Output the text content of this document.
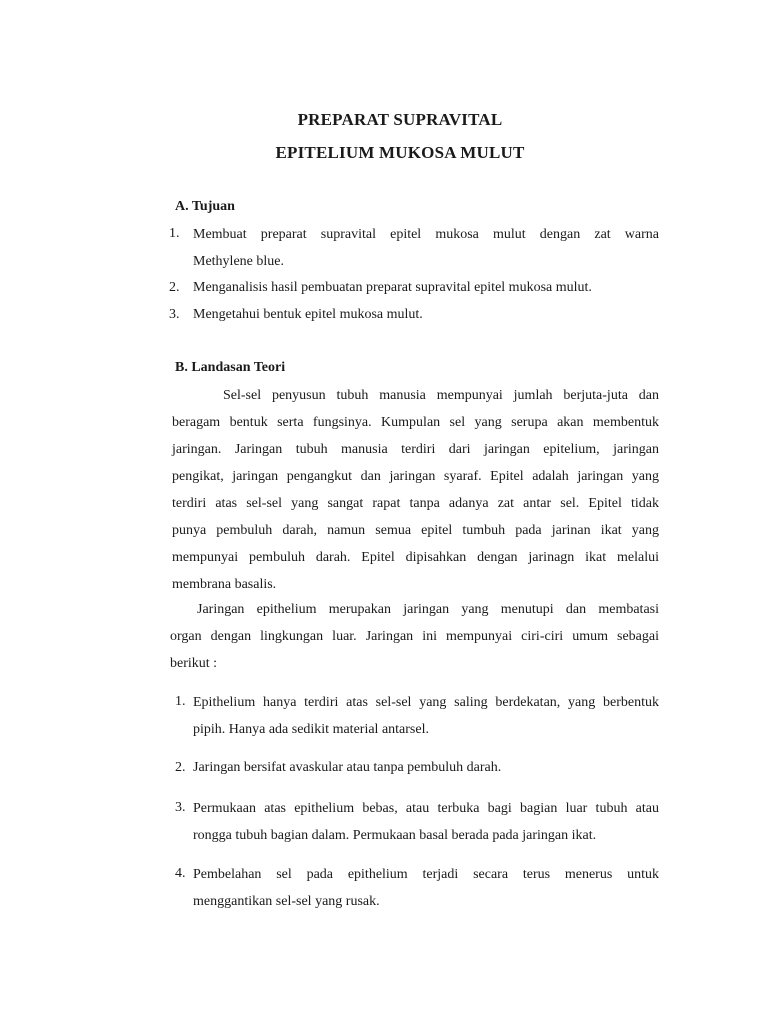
PREPARAT SUPRAVITAL
EPITELIUM MUKOSA MULUT
A. Tujuan
1. Membuat preparat supravital epitel mukosa mulut dengan zat warna
Methylene blue.
2. Menganalisis hasil pembuatan preparat supravital epitel mukosa mulut.
3. Mengetahui bentuk epitel mukosa mulut.
B. Landasan Teori
Sel-sel penyusun tubuh manusia mempunyai jumlah berjuta-juta dan
beragam bentuk serta fungsinya. Kumpulan sel yang serupa akan membentuk
jaringan. Jaringan tubuh manusia terdiri dari jaringan epitelium, jaringan
pengikat, jaringan pengangkut dan jaringan syaraf. Epitel adalah jaringan yang
terdiri atas sel-sel yang sangat rapat tanpa adanya zat antar sel. Epitel tidak
punya pembuluh darah, namun semua epitel tumbuh pada jarinan ikat yang
mempunyai pembuluh darah. Epitel dipisahkan dengan jarinagn ikat melalui
membrana basalis.
Jaringan epithelium merupakan jaringan yang menutupi dan membatasi
organ dengan lingkungan luar. Jaringan ini mempunyai ciri-ciri umum sebagai
berikut :
1. Epithelium hanya terdiri atas sel-sel yang saling berdekatan, yang berbentuk
pipih. Hanya ada sedikit material antarsel.
2. Jaringan bersifat avaskular atau tanpa pembuluh darah.
3. Permukaan atas epithelium bebas, atau terbuka bagi bagian luar tubuh atau
rongga tubuh bagian dalam. Permukaan basal berada pada jaringan ikat.
4. Pembelahan sel pada epithelium terjadi secara terus menerus untuk
menggantikan sel-sel yang rusak.
